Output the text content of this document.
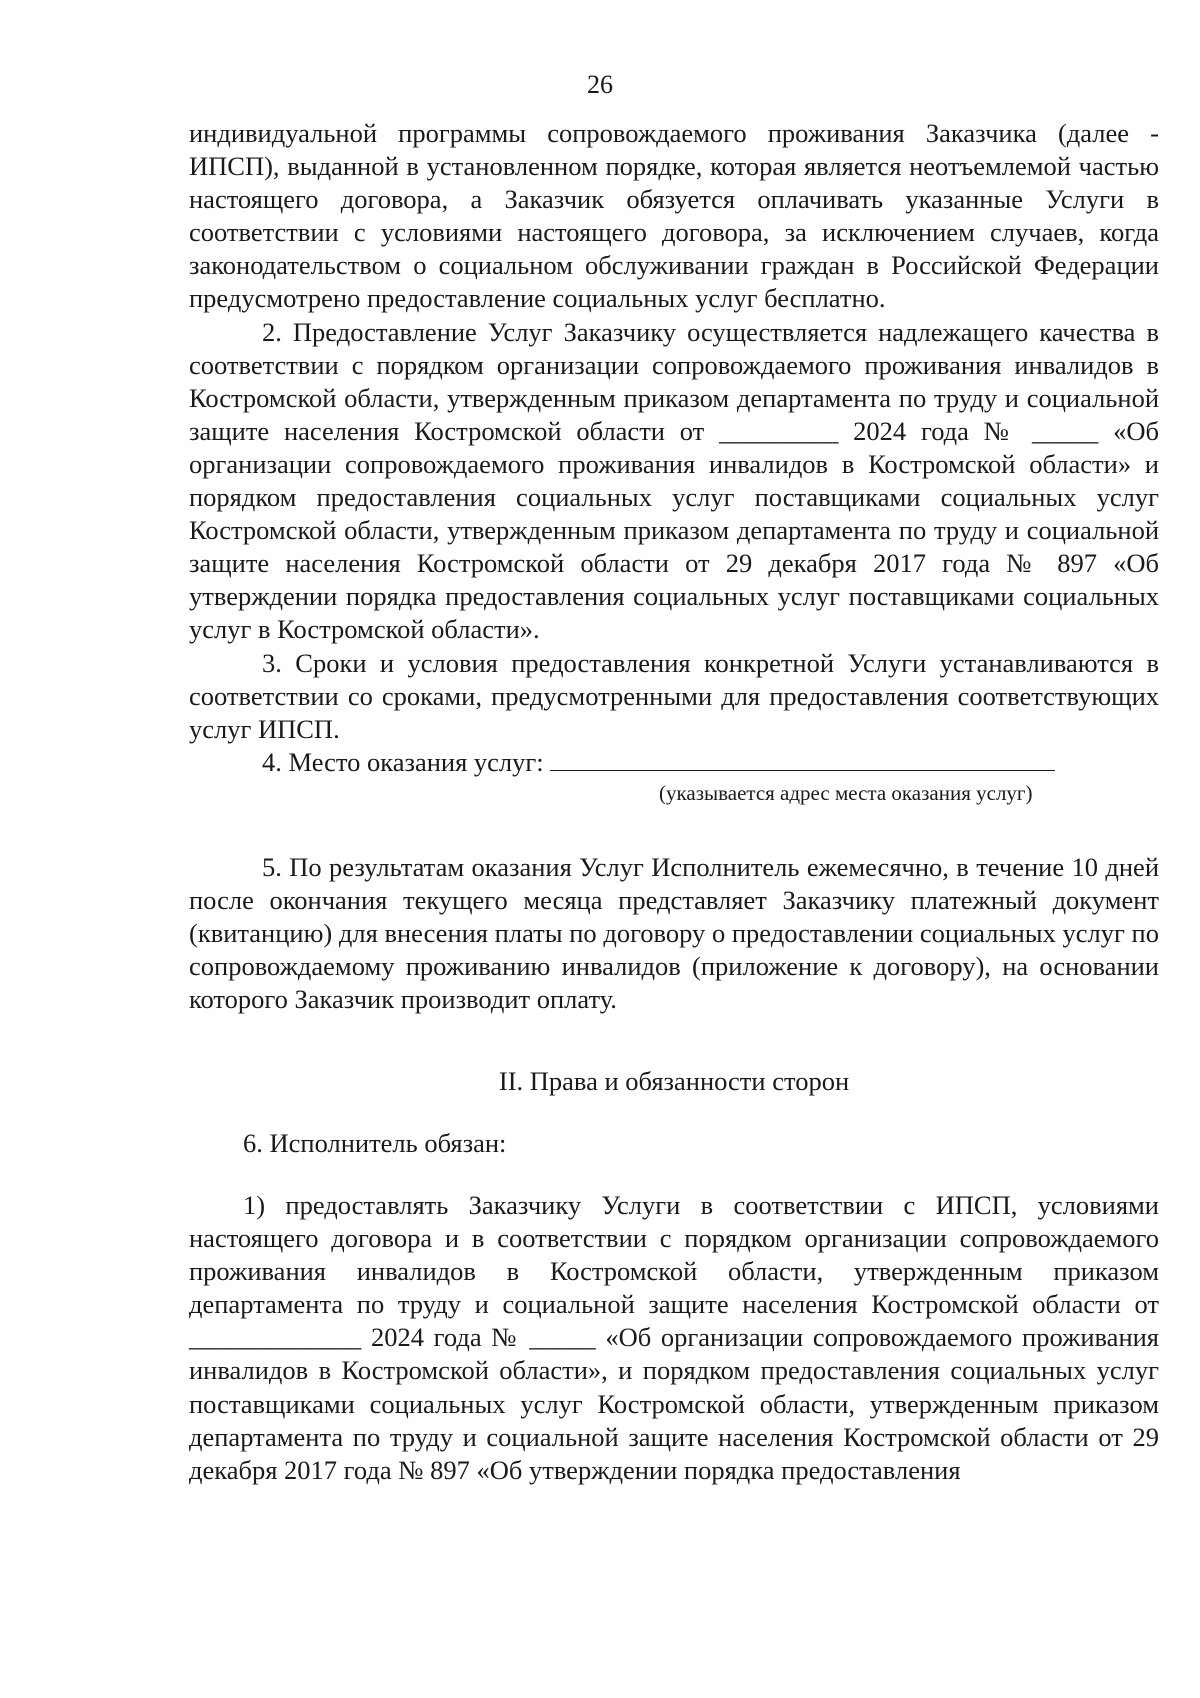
26

индивидуальной программы сопровождаемого проживания Заказчика (далее - ИПСП), выданной в установленном порядке, которая является неотъемлемой частью настоящего договора, а Заказчик обязуется оплачивать указанные Услуги в соответствии с условиями настоящего договора, за исключением случаев, когда законодательством о социальном обслуживании граждан в Российской Федерации предусмотрено предоставление социальных услуг бесплатно.

2. Предоставление Услуг Заказчику осуществляется надлежащего качества в соответствии с порядком организации сопровождаемого проживания инвалидов в Костромской области, утвержденным приказом департамента по труду и социальной защите населения Костромской области от _________ 2024 года № _____ «Об организации сопровождаемого проживания инвалидов в Костромской области» и порядком предоставления социальных услуг поставщиками социальных услуг Костромской области, утвержденным приказом департамента по труду и социальной защите населения Костромской области от 29 декабря 2017 года № 897 «Об утверждении порядка предоставления социальных услуг поставщиками социальных услуг в Костромской области».

3. Сроки и условия предоставления конкретной Услуги устанавливаются в соответствии со сроками, предусмотренными для предоставления соответствующих услуг ИПСП.

4. Место оказания услуг:

(указывается адрес места оказания услуг)

5. По результатам оказания Услуг Исполнитель ежемесячно, в течение 10 дней после окончания текущего месяца представляет Заказчику платежный документ (квитанцию) для внесения платы по договору о предоставлении социальных услуг по сопровождаемому проживанию инвалидов (приложение к договору), на основании которого Заказчик производит оплату.

II. Права и обязанности сторон

6. Исполнитель обязан:

1) предоставлять Заказчику Услуги в соответствии с ИПСП, условиями настоящего договора и в соответствии с порядком организации сопровождаемого проживания инвалидов в Костромской области, утвержденным приказом департамента по труду и социальной защите населения Костромской области от _____________ 2024 года № _____ «Об организации сопровождаемого проживания инвалидов в Костромской области», и порядком предоставления социальных услуг поставщиками социальных услуг Костромской области, утвержденным приказом департамента по труду и социальной защите населения Костромской области от 29 декабря 2017 года № 897 «Об утверждении порядка предоставления
